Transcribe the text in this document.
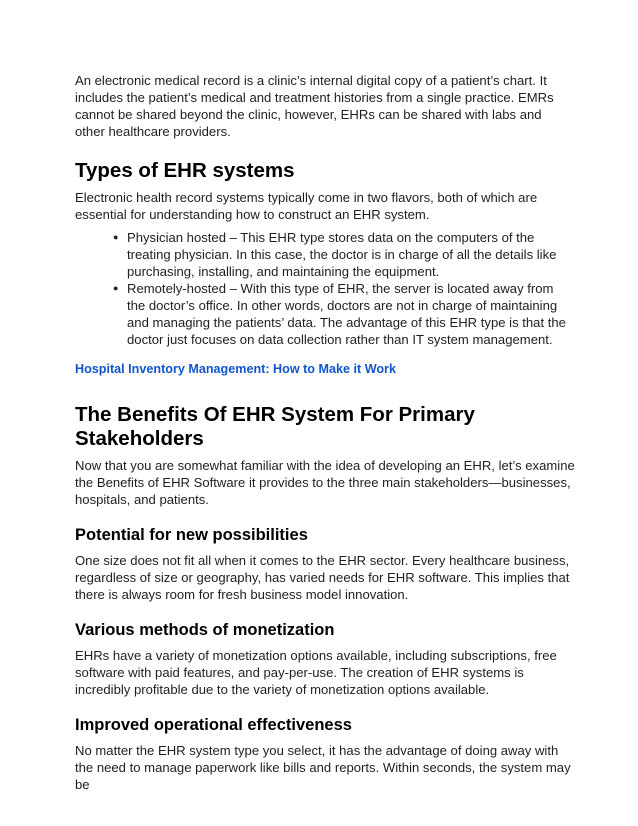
An electronic medical record is a clinic’s internal digital copy of a patient’s chart. It includes the patient’s medical and treatment histories from a single practice. EMRs cannot be shared beyond the clinic, however, EHRs can be shared with labs and other healthcare providers.

Types of EHR systems

Electronic health record systems typically come in two flavors, both of which are essential for understanding how to construct an EHR system.

● Physician hosted – This EHR type stores data on the computers of the treating physician. In this case, the doctor is in charge of all the details like purchasing, installing, and maintaining the equipment.
● Remotely-hosted – With this type of EHR, the server is located away from the doctor’s office. In other words, doctors are not in charge of maintaining and managing the patients’ data. The advantage of this EHR type is that the doctor just focuses on data collection rather than IT system management.
Hospital Inventory Management: How to Make it Work
The Benefits Of EHR System For Primary Stakeholders

Now that you are somewhat familiar with the idea of developing an EHR, let’s examine the Benefits of EHR Software it provides to the three main stakeholders—businesses, hospitals, and patients.

Potential for new possibilities

One size does not fit all when it comes to the EHR sector. Every healthcare business, regardless of size or geography, has varied needs for EHR software. This implies that there is always room for fresh business model innovation.

Various methods of monetization

EHRs have a variety of monetization options available, including subscriptions, free software with paid features, and pay-per-use. The creation of EHR systems is incredibly profitable due to the variety of monetization options available.

Improved operational effectiveness

No matter the EHR system type you select, it has the advantage of doing away with the need to manage paperwork like bills and reports. Within seconds, the system may be
